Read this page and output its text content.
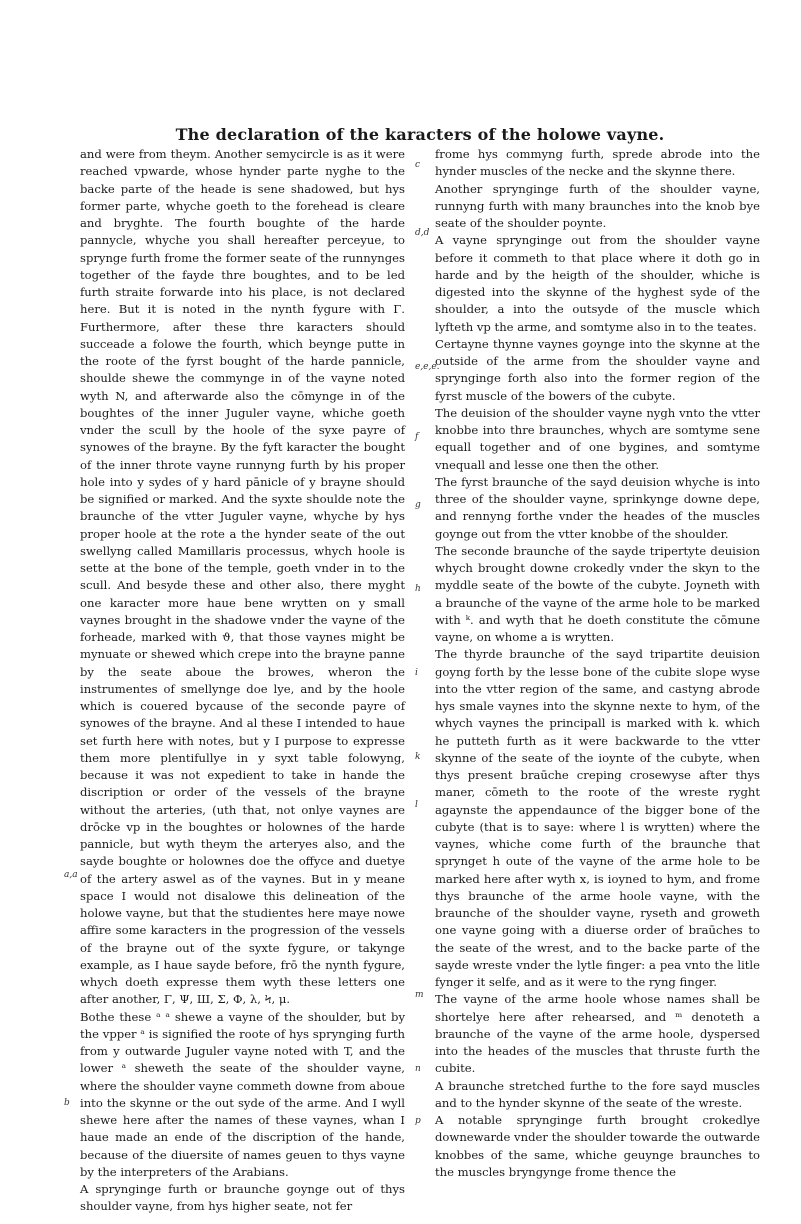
The declaration of the karacters of the holowe vayne.

and were from theym. Another semycircle is as it were reached vpwarde, whose hynder parte nyghe to the backe parte of the heade is sene shadowed, but hys former parte, whyche goeth to the forehead is cleare and bryghte. The fourth boughte of the harde pannycle, whyche you shall hereafter perceyue, to sprynge furth frome the former seate of the runnynges together of the fayde thre boughtes, and to be led furth straite forwarde into his place, is not declared here. But it is noted in the nynth fygure with Γ. Furthermore, after these thre karacters should succeade a folowe the fourth, which beynge putte in the roote of the fyrst bought of the harde pannicle, shoulde shewe the commynge in of the vayne noted wyth N, and afterwarde also the cōmynge in of the boughtes of the inner Juguler vayne, whiche goeth vnder the scull by the hoole of the syxe payre of synowes of the brayne. By the fyft karacter the bought of the inner throte vayne runnyng furth by his proper hole into y sydes of y hard pānicle of y brayne should be signified or marked. And the syxte shoulde note the braunche of the vtter Juguler vayne, whyche by hys proper hoole at the rote a the hynder seate of the out swellyng called Mamillaris processus, whych hoole is sette at the bone of the temple, goeth vnder in to the scull. And besyde these and other also, there myght one karacter more haue bene wrytten on y small vaynes brought in the shadowe vnder the vayne of the forheade, marked with ϑ, that those vaynes might be mynuate or shewed which crepe into the brayne panne by the seate aboue the browes, wheron the instrumentes of smellynge doe lye, and by the hoole which is couered bycause of the seconde payre of synowes of the brayne. And al these I intended to haue set furth here with notes, but y I purpose to expresse them more plentifullye in y syxt table folowyng, because it was not expedient to take in hande the discription or order of the vessels of the brayne without the arteries, (uth that, not onlye vaynes are drōcke vp in the boughtes or holownes of the harde pannicle, but wyth theym the arteryes also, and the sayde boughte or holownes doe the offyce and duetye of the artery aswel as of the vaynes. But in y meane space I would not disalowe this delineation of the holowe vayne, but that the studientes here maye nowe affire some karacters in the progression of the vessels of the brayne out of the syxte fygure, or takynge example, as I haue sayde before, frō the nynth fygure, whych doeth expresse them wyth these letters one after another, Γ, Ψ, Ш, Σ, Φ, λ, Ϟ, μ.

Bothe these ᵃ ᵃ shewe a vayne of the shoulder, but by the vpper ᵃ is signified the roote of hys sprynging furth from y outwarde Juguler vayne noted with T, and the lower ᵃ sheweth the seate of the shoulder vayne, where the shoulder vayne commeth downe from aboue into the skynne or the out syde of the arme. And I wyll shewe here after the names of these vaynes, whan I haue made an ende of the discription of the hande, because of the diuersite of names geuen to thys vayne by the interpreters of the Arabians.

A sprynginge furth or braunche goynge out of thys shoulder vayne, from hys higher seate, not fer

frome hys commyng furth, sprede abrode into the hynder muscles of the necke and the skynne there.

Another sprynginge furth of the shoulder vayne, runnyng furth with many braunches into the knob bye seate of the shoulder poynte.

A vayne sprynginge out from the shoulder vayne before it commeth to that place where it doth go in harde and by the heigth of the shoulder, whiche is digested into the skynne of the hyghest syde of the shoulder, a into the outsyde of the muscle which lyfteth vp the arme, and somtyme also in to the teates.

Certayne thynne vaynes goynge into the skynne at the outside of the arme from the shoulder vayne and sprynginge forth also into the former region of the fyrst muscle of the bowers of the cubyte.

The deuision of the shoulder vayne nygh vnto the vtter knobbe into thre braunches, whych are somtyme sene equall together and of one bygines, and somtyme vnequall and lesse one then the other.

The fyrst braunche of the sayd deuision whyche is into three of the shoulder vayne, sprinkynge downe depe, and rennyng forthe vnder the heades of the muscles goynge out from the vtter knobbe of the shoulder.

The seconde braunche of the sayde tripertyte deuision whych brought downe crokedly vnder the skyn to the myddle seate of the bowte of the cubyte. Joyneth with a braunche of the vayne of the arme hole to be marked with ᵏ. and wyth that he doeth constitute the cōmune vayne, on whome a is wrytten.

The thyrde braunche of the sayd tripartite deuision goyng forth by the lesse bone of the cubite slope wyse into the vtter region of the same, and castyng abrode hys smale vaynes into the skynne nexte to hym, of the whych vaynes the principall is marked with k. which he putteth furth as it were backwarde to the vtter skynne of the seate of the ioynte of the cubyte, when thys present braūche creping crosewyse after thys maner, cōmeth to the roote of the wreste ryght agaynste the appendaunce of the bigger bone of the cubyte (that is to saye: where l is wrytten) where the vaynes, whiche come furth of the braunche that sprynget h oute of the vayne of the arme hole to be marked here after wyth x, is ioyned to hym, and frome thys braunche of the arme hoole vayne, with the braunche of the shoulder vayne, ryseth and groweth one vayne going with a diuerse order of braūches to the seate of the wrest, and to the backe parte of the sayde wreste vnder the lytle finger: a pea vnto the litle fynger it selfe, and as it were to the ryng finger.

The vayne of the arme hoole whose names shall be shortelye here after rehearsed, and ᵐ denoteth a braunche of the vayne of the arme hoole, dyspersed into the heades of the muscles that thruste furth the cubite.

A braunche stretched furthe to the fore sayd muscles and to the hynder skynne of the seate of the wreste.

A notable sprynginge furth brought crokedlye downewarde vnder the shoulder towarde the outwarde knobbes of the same, whiche geuynge braunches to the muscles bryngynge frome thence the

c
d,d
e,e,e.
f
g
h
i
k
l
m
n
p
a,a
b
